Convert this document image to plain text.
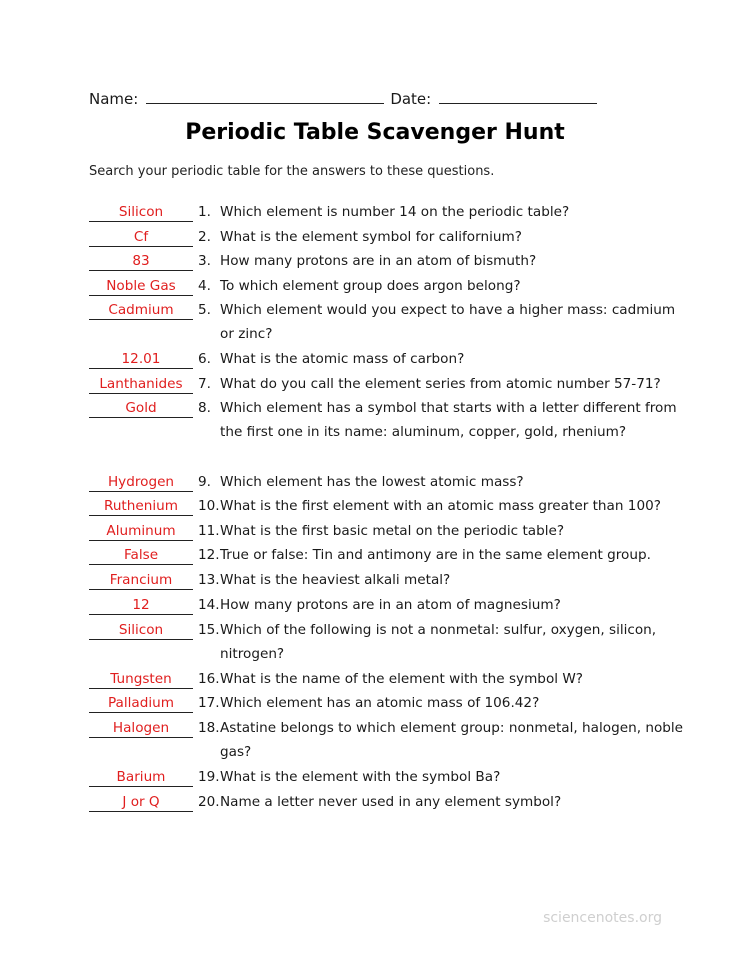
Name:	Date:
Periodic Table Scavenger Hunt
Search your periodic table for the answers to these questions.
Silicon	1. Which element is number 14 on the periodic table?
Cf	2. What is the element symbol for californium?
83	3. How many protons are in an atom of bismuth?
Noble Gas	4. To which element group does argon belong?
Cadmium	5. Which element would you expect to have a higher mass: cadmium or zinc?
12.01	6. What is the atomic mass of carbon?
Lanthanides	7. What do you call the element series from atomic number 57-71?
Gold	8. Which element has a symbol that starts with a letter different from the first one in its name: aluminum, copper, gold, rhenium?
Hydrogen	9. Which element has the lowest atomic mass?
Ruthenium	10. What is the first element with an atomic mass greater than 100?
Aluminum	11. What is the first basic metal on the periodic table?
False	12. True or false: Tin and antimony are in the same element group.
Francium	13. What is the heaviest alkali metal?
12	14. How many protons are in an atom of magnesium?
Silicon	15. Which of the following is not a nonmetal: sulfur, oxygen, silicon, nitrogen?
Tungsten	16. What is the name of the element with the symbol W?
Palladium	17. Which element has an atomic mass of 106.42?
Halogen	18. Astatine belongs to which element group: nonmetal, halogen, noble gas?
Barium	19. What is the element with the symbol Ba?
J or Q	20. Name a letter never used in any element symbol?
sciencenotes.org
